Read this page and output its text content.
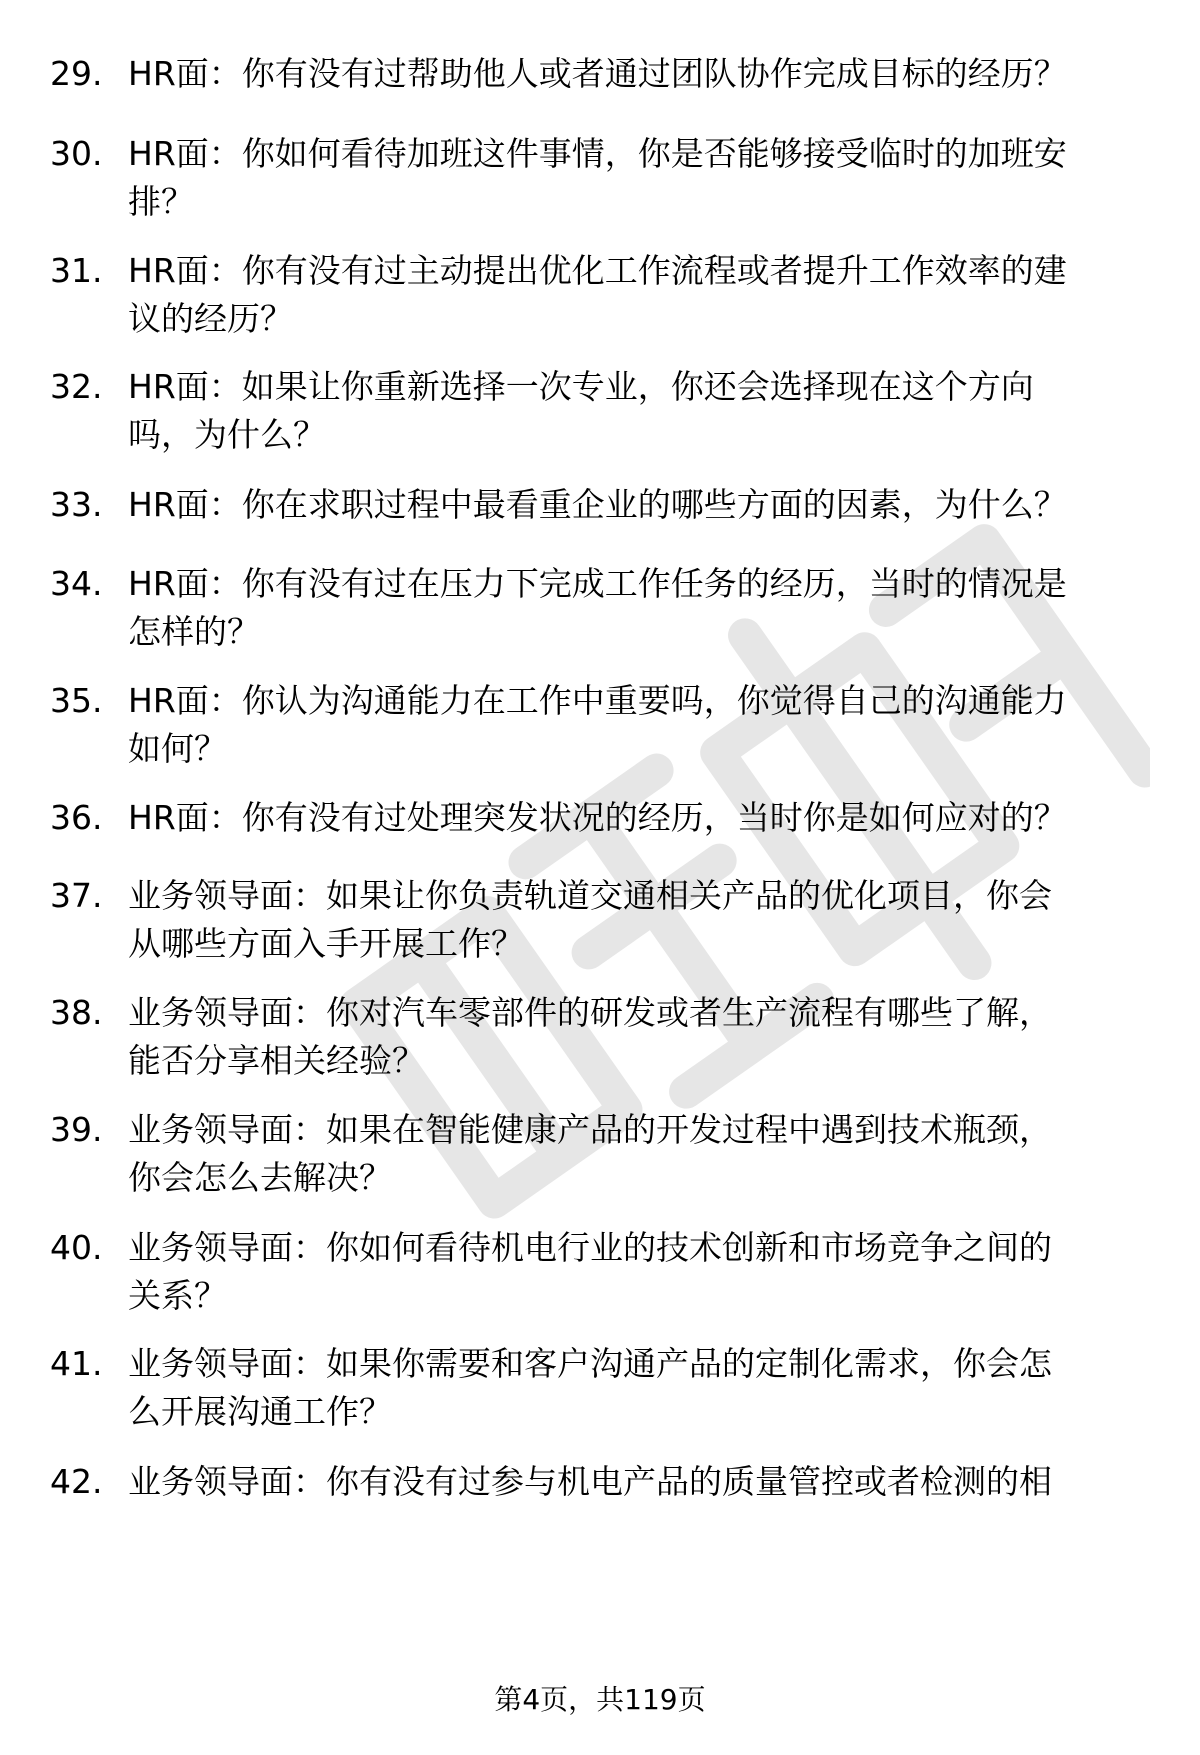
29. HR面：你有没有过帮助他人或者通过团队协作完成目标的经历？
30. HR面：你如何看待加班这件事情，你是否能够接受临时的加班安
排？
31. HR面：你有没有过主动提出优化工作流程或者提升工作效率的建
议的经历？
32. HR面：如果让你重新选择一次专业，你还会选择现在这个方向
吗，为什么？
33. HR面：你在求职过程中最看重企业的哪些方面的因素，为什么？
34. HR面：你有没有过在压力下完成工作任务的经历，当时的情况是
怎样的？
35. HR面：你认为沟通能力在工作中重要吗，你觉得自己的沟通能力
如何？
36. HR面：你有没有过处理突发状况的经历，当时你是如何应对的？
37. 业务领导面：如果让你负责轨道交通相关产品的优化项目，你会
从哪些方面入手开展工作？
38. 业务领导面：你对汽车零部件的研发或者生产流程有哪些了解，
能否分享相关经验？
39. 业务领导面：如果在智能健康产品的开发过程中遇到技术瓶颈，
你会怎么去解决？
40. 业务领导面：你如何看待机电行业的技术创新和市场竞争之间的
关系？
41. 业务领导面：如果你需要和客户沟通产品的定制化需求，你会怎
么开展沟通工作？
42. 业务领导面：你有没有过参与机电产品的质量管控或者检测的相
第4页，共119页
